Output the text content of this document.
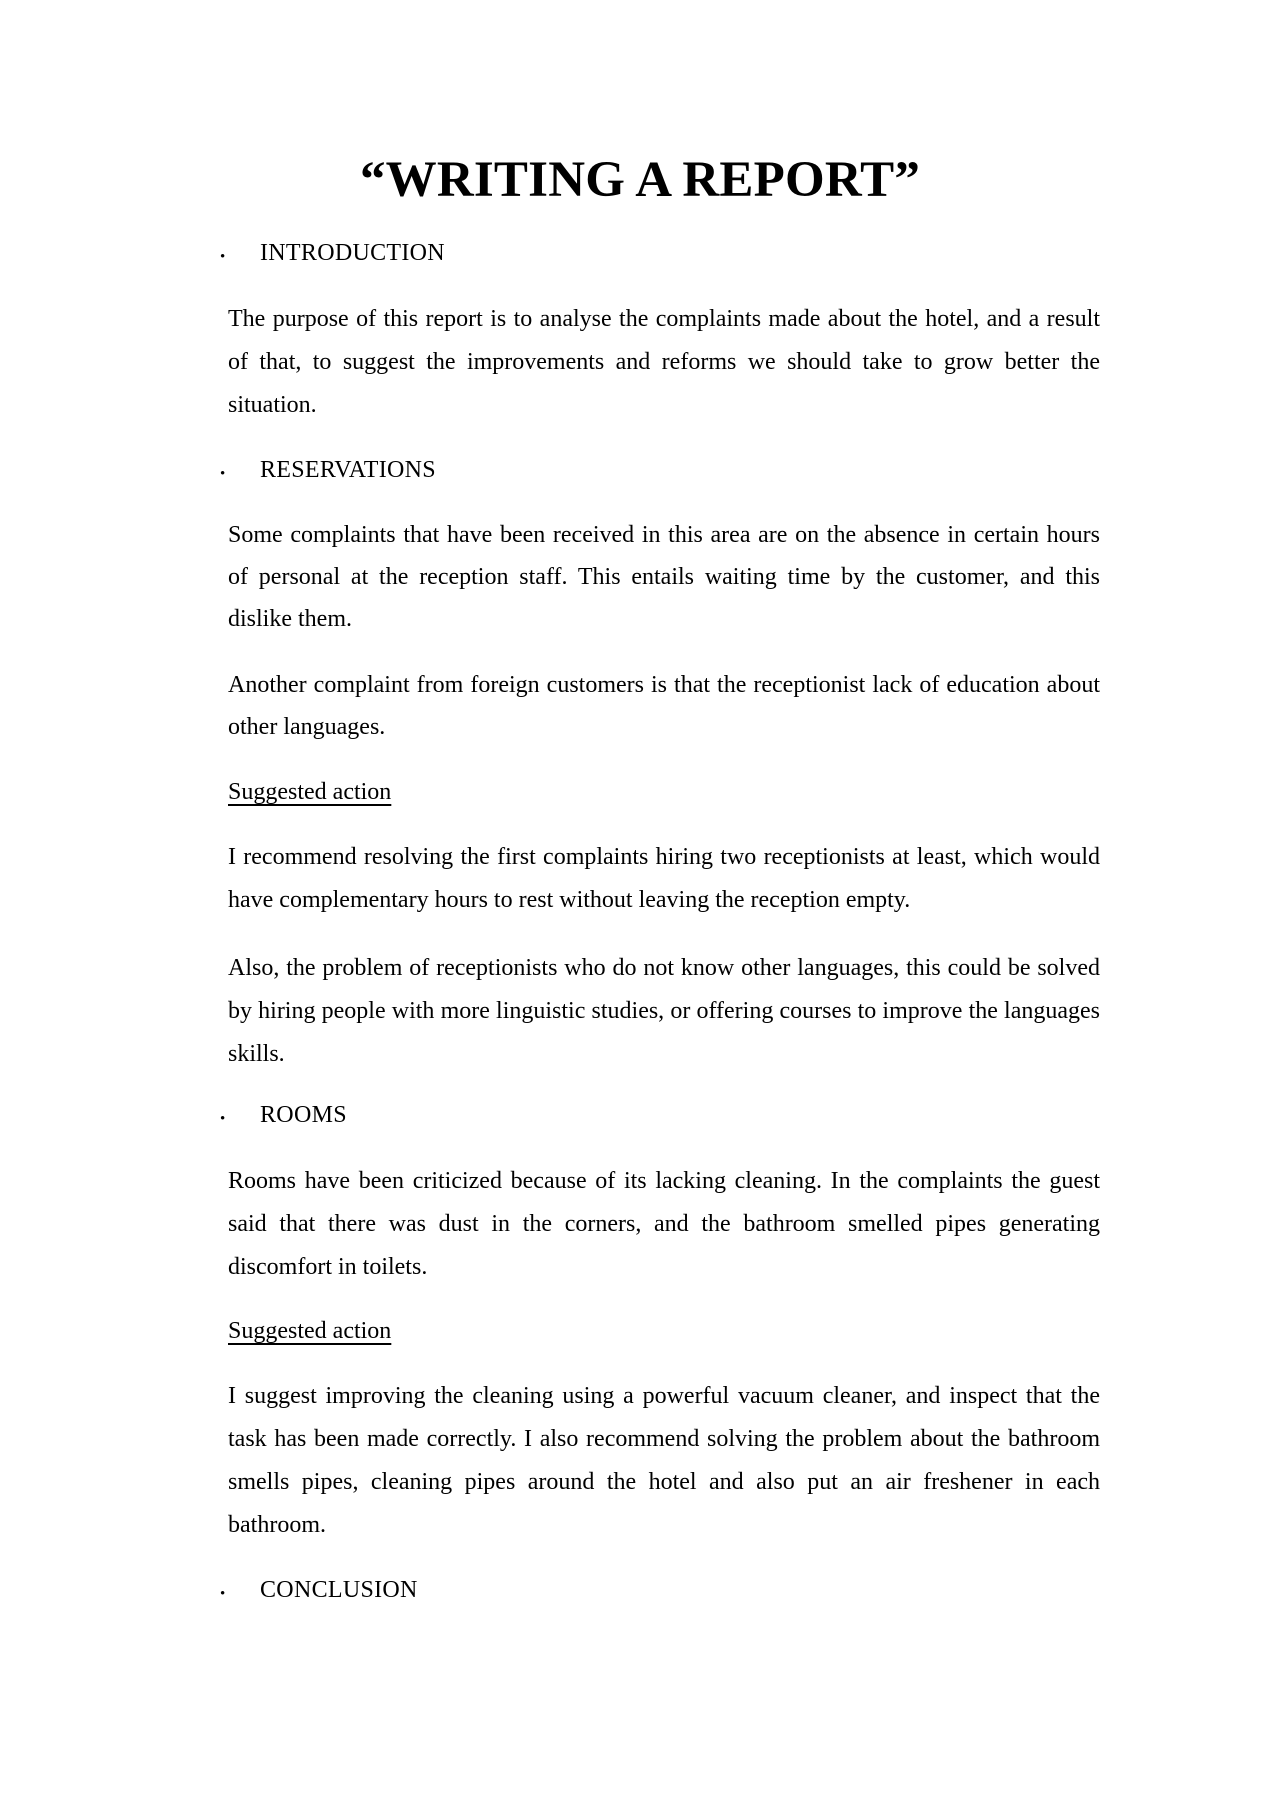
“WRITING A REPORT”
• INTRODUCTION

The purpose of this report is to analyse the complaints made about the hotel, and a result of that, to suggest the improvements and reforms we should take to grow better the situation.

• RESERVATIONS

Some complaints that have been received in this area are on the absence in certain hours of personal at the reception staff. This entails waiting time by the customer, and this dislike them.

Another complaint from foreign customers is that the receptionist lack of education about other languages.

Suggested action

I recommend resolving the first complaints hiring two receptionists at least, which would have complementary hours to rest without leaving the reception empty.

Also, the problem of receptionists who do not know other languages, this could be solved by hiring people with more linguistic studies, or offering courses to improve the languages skills.

• ROOMS

Rooms have been criticized because of its lacking cleaning. In the complaints the guest said that there was dust in the corners, and the bathroom smelled pipes generating discomfort in toilets.

Suggested action

I suggest improving the cleaning using a powerful vacuum cleaner, and inspect that the task has been made correctly. I also recommend solving the problem about the bathroom smells pipes, cleaning pipes around the hotel and also put an air freshener in each bathroom.

• CONCLUSION
